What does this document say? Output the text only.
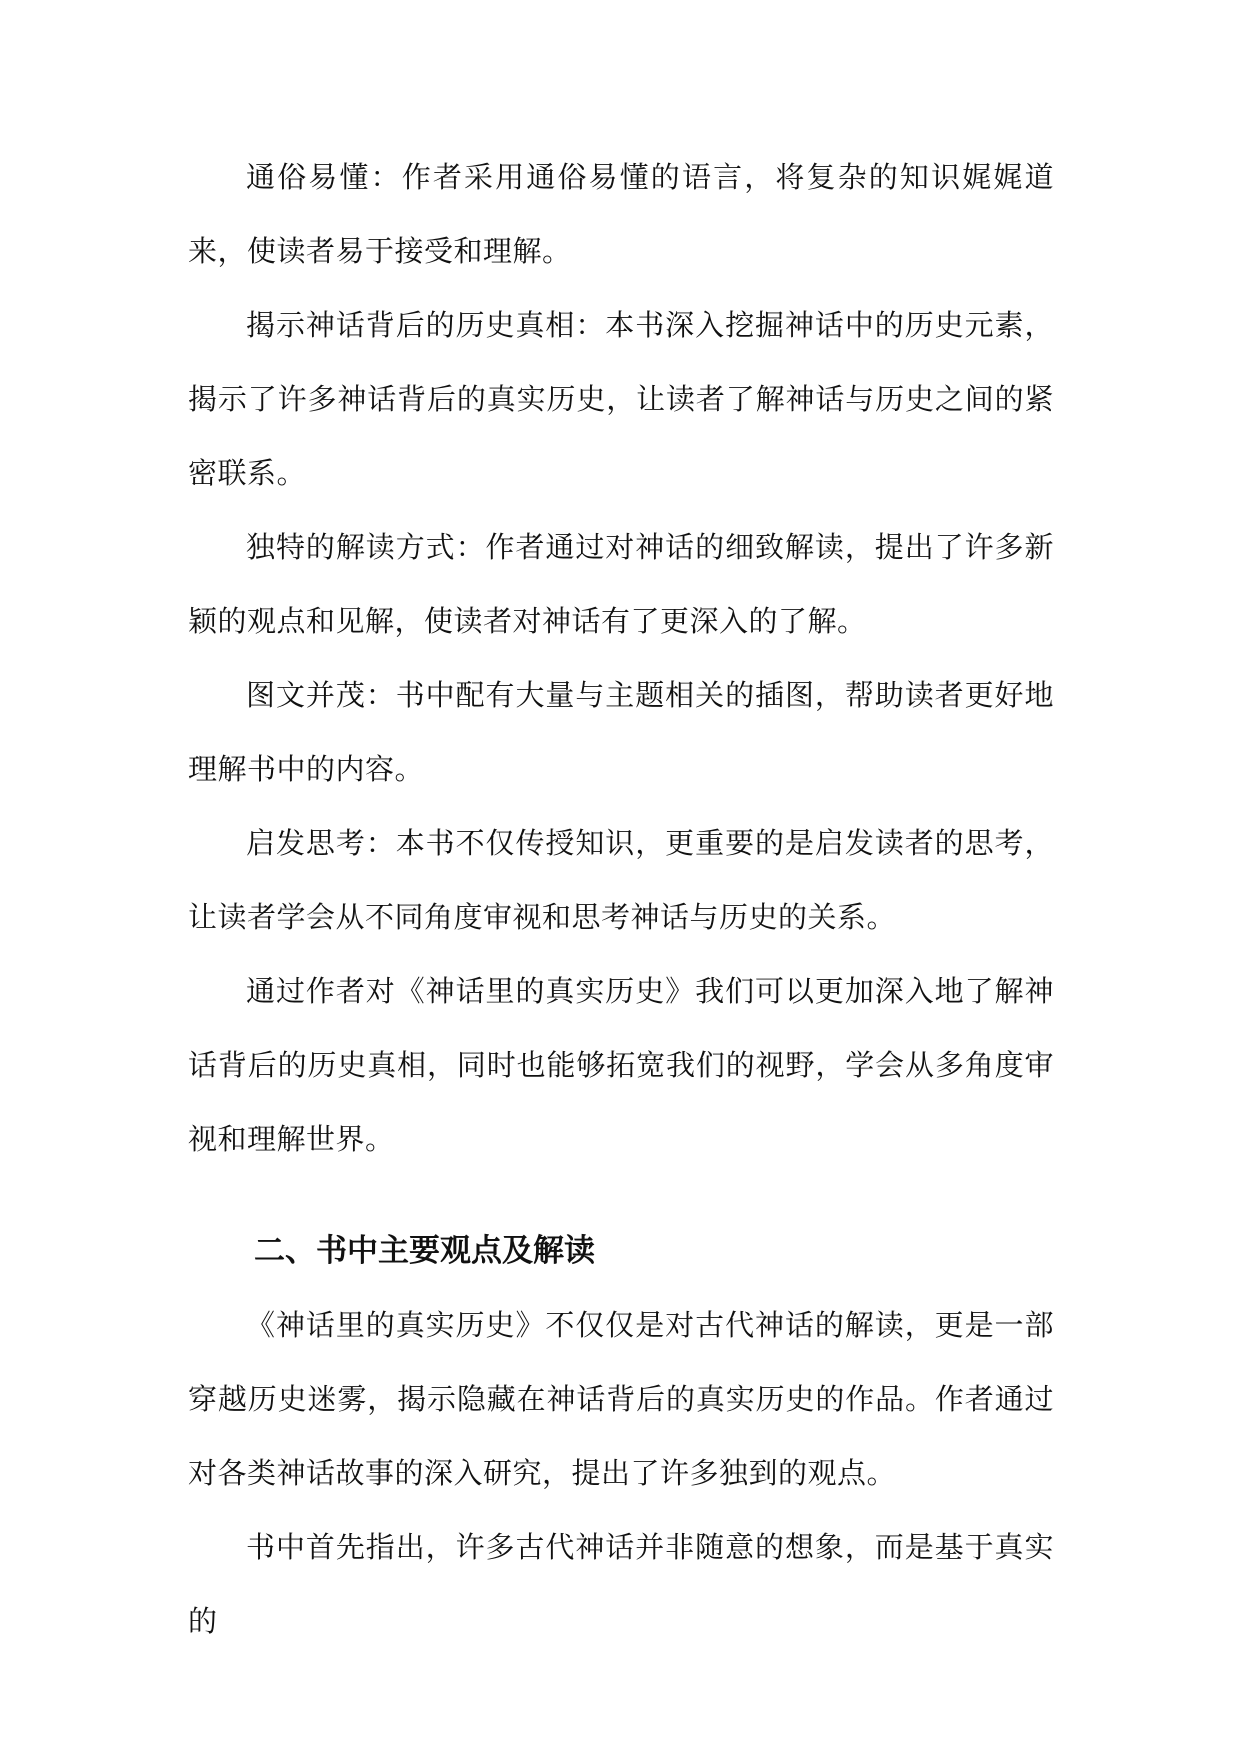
通俗易懂：作者采用通俗易懂的语言，将复杂的知识娓娓道来，使读者易于接受和理解。

揭示神话背后的历史真相：本书深入挖掘神话中的历史元素，揭示了许多神话背后的真实历史，让读者了解神话与历史之间的紧密联系。

独特的解读方式：作者通过对神话的细致解读，提出了许多新颖的观点和见解，使读者对神话有了更深入的了解。

图文并茂：书中配有大量与主题相关的插图，帮助读者更好地理解书中的内容。

启发思考：本书不仅传授知识，更重要的是启发读者的思考，让读者学会从不同角度审视和思考神话与历史的关系。

通过作者对《神话里的真实历史》我们可以更加深入地了解神话背后的历史真相，同时也能够拓宽我们的视野，学会从多角度审视和理解世界。

二、书中主要观点及解读

《神话里的真实历史》不仅仅是对古代神话的解读，更是一部穿越历史迷雾，揭示隐藏在神话背后的真实历史的作品。作者通过对各类神话故事的深入研究，提出了许多独到的观点。

书中首先指出，许多古代神话并非随意的想象，而是基于真实的
